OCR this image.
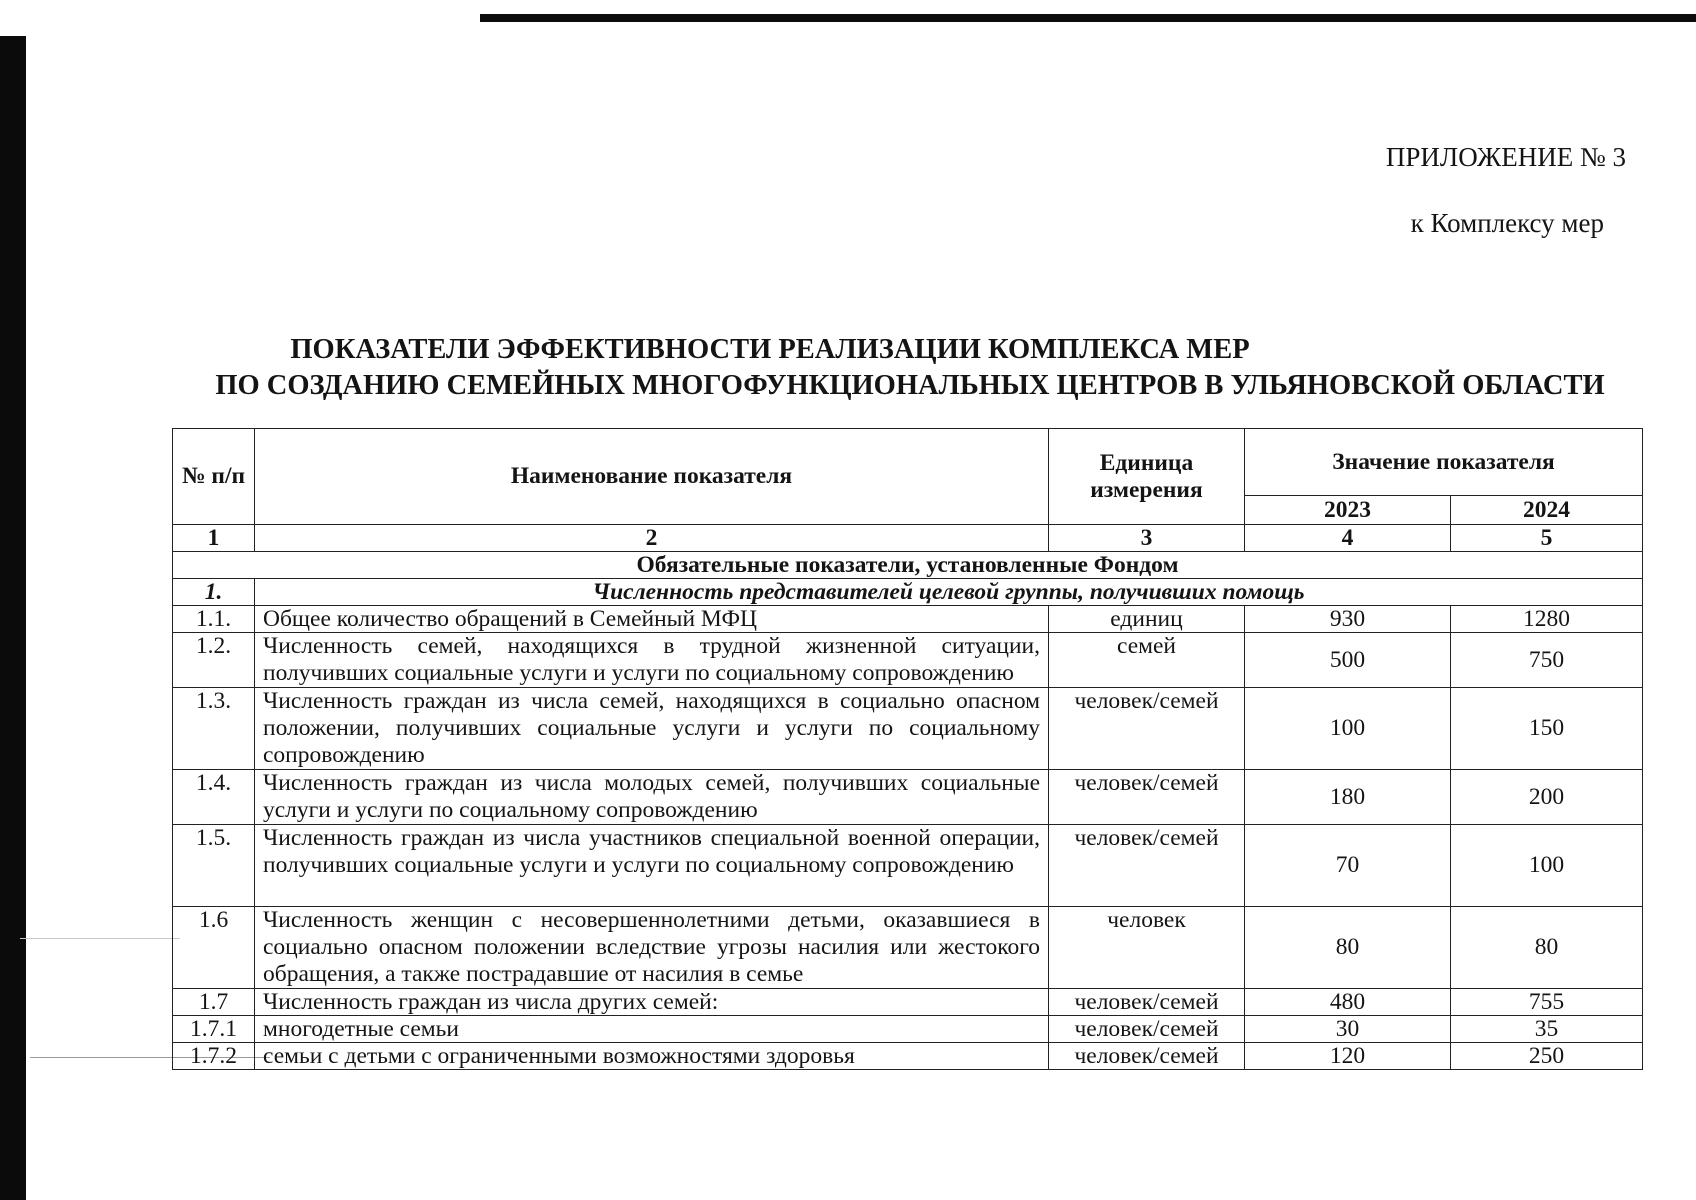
ПРИЛОЖЕНИЕ № 3
к Комплексу мер
ПОКАЗАТЕЛИ ЭФФЕКТИВНОСТИ РЕАЛИЗАЦИИ КОМПЛЕКСА МЕР
ПО СОЗДАНИЮ СЕМЕЙНЫХ МНОГОФУНКЦИОНАЛЬНЫХ ЦЕНТРОВ В УЛЬЯНОВСКОЙ ОБЛАСТИ
№ п/п	Наименование показателя	Единица измерения	Значение показателя	
			2023	2024
1	2	3	4	5
Обязательные показатели, установленные Фондом				
1.	Численность представителей целевой группы, получивших помощь			
1.1.	Общее количество обращений в Семейный МФЦ	единиц	930	1280
1.2.	Численность семей, находящихся в трудной жизненной ситуации, получивших социальные услуги и услуги по социальному сопровождению	семей	500	750
1.3.	Численность граждан из числа семей, находящихся в социально опасном положении, получивших социальные услуги и услуги по социальному сопровождению	человек/семей	100	150
1.4.	Численность граждан из числа молодых семей, получивших социальные услуги и услуги по социальному сопровождению	человек/семей	180	200
1.5.	Численность граждан из числа участников специальной военной операции, получивших социальные услуги и услуги по социальному сопровождению	человек/семей	70	100
1.6	Численность женщин с несовершеннолетними детьми, оказавшиеся в социально опасном положении вследствие угрозы насилия или жестокого обращения, а также пострадавшие от насилия в семье	человек	80	80
1.7	Численность граждан из числа других семей:	человек/семей	480	755
1.7.1	многодетные семьи	человек/семей	30	35
1.7.2	семьи с детьми с ограниченными возможностями здоровья	человек/семей	120	250
